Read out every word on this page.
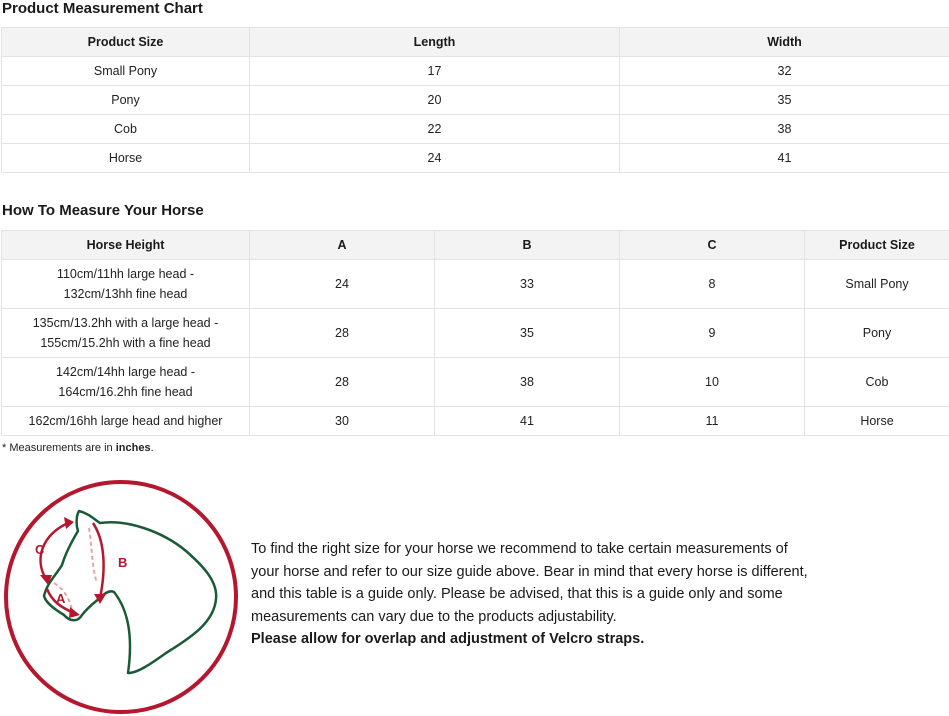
Product Measurement Chart
Product Size	Length	Width
Small Pony	17	32
Pony	20	35
Cob	22	38
Horse	24	41
How To Measure Your Horse
Horse Height	A	B	C	Product Size
110cm/11hh large head -
132cm/13hh fine head	24	33	8	Small Pony
135cm/13.2hh with a large head -
155cm/15.2hh with a fine head	28	35	9	Pony
142cm/14hh large head -
164cm/16.2hh fine head	28	38	10	Cob
162cm/16hh large head and higher	30	41	11	Horse
* Measurements are in inches.
C
B
A

To find the right size for your horse we recommend to take certain measurements of
your horse and refer to our size guide above. Bear in mind that every horse is different,
and this table is a guide only. Please be advised, that this is a guide only and some
measurements can vary due to the products adjustability.
Please allow for overlap and adjustment of Velcro straps.
